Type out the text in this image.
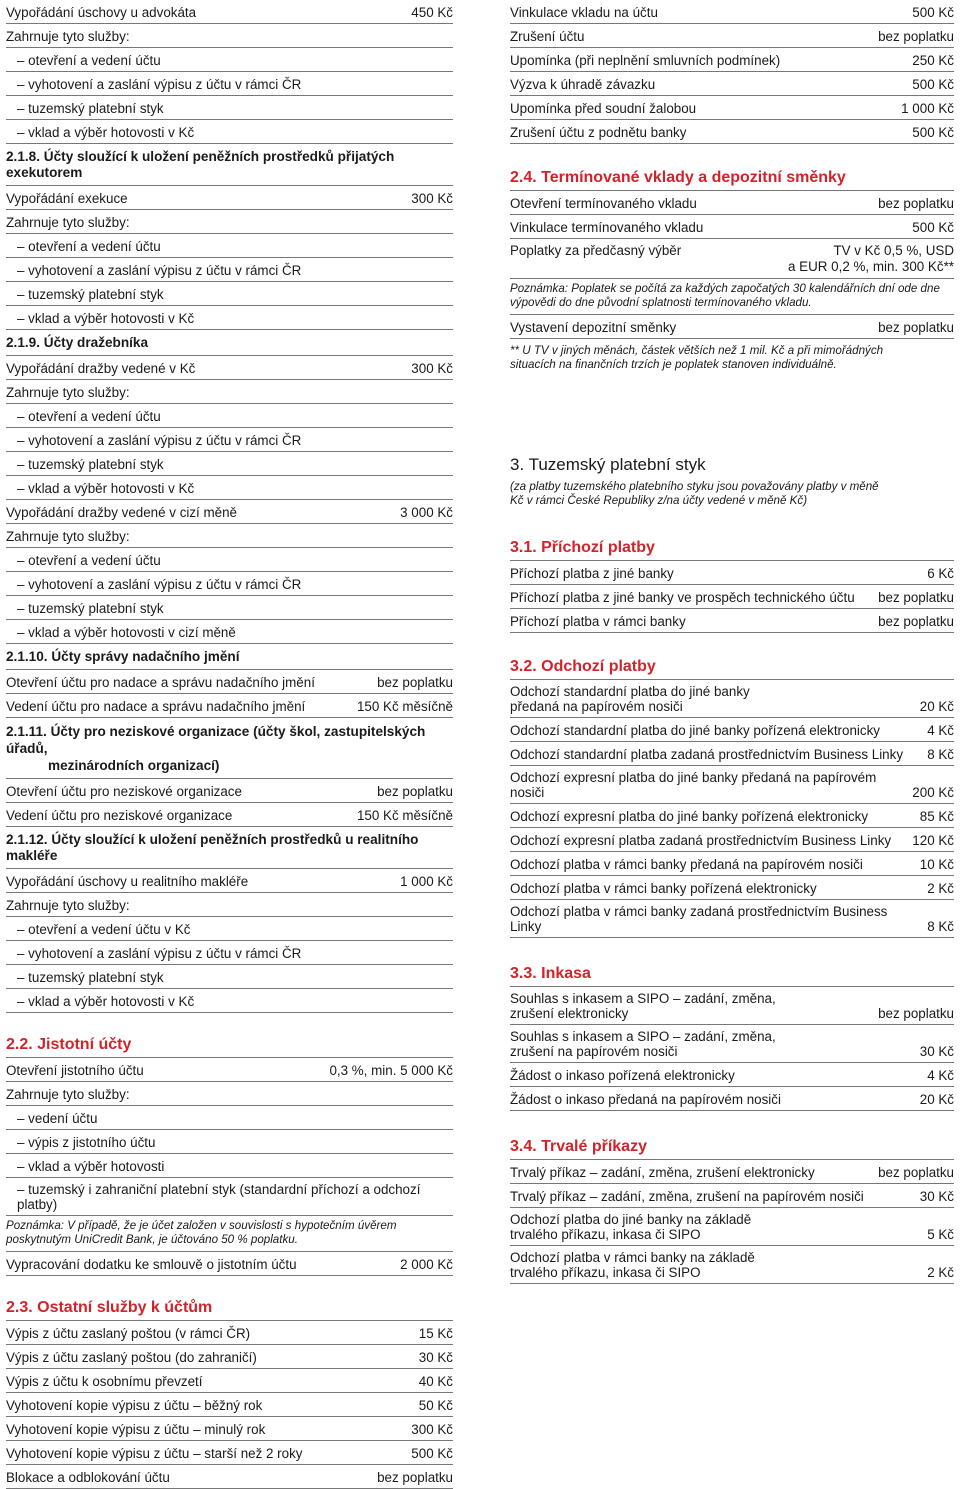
Vypořádání úschovy u advokáta	450 Kč
Zahrnuje tyto služby:
– otevření a vedení účtu
– vyhotovení a zaslání výpisu z účtu v rámci ČR
– tuzemský platební styk
– vklad a výběr hotovosti v Kč
2.1.8. Účty sloužící k uložení peněžních prostředků přijatých exekutorem
Vypořádání exekuce	300 Kč
Zahrnuje tyto služby:
– otevření a vedení účtu
– vyhotovení a zaslání výpisu z účtu v rámci ČR
– tuzemský platební styk
– vklad a výběr hotovosti v Kč
2.1.9. Účty dražebníka
Vypořádání dražby vedené v Kč	300 Kč
Zahrnuje tyto služby:
– otevření a vedení účtu
– vyhotovení a zaslání výpisu z účtu v rámci ČR
– tuzemský platební styk
– vklad a výběr hotovosti v Kč
Vypořádání dražby vedené v cizí měně	3 000 Kč
Zahrnuje tyto služby:
– otevření a vedení účtu
– vyhotovení a zaslání výpisu z účtu v rámci ČR
– tuzemský platební styk
– vklad a výběr hotovosti v cizí měně
2.1.10. Účty správy nadačního jmění
Otevření účtu pro nadace a správu nadačního jmění	bez poplatku
Vedení účtu pro nadace a správu nadačního jmění	150 Kč měsíčně
2.1.11. Účty pro neziskové organizace (účty škol, zastupitelských úřadů,
mezinárodních organizací)
Otevření účtu pro neziskové organizace	bez poplatku
Vedení účtu pro neziskové organizace	150 Kč měsíčně
2.1.12. Účty sloužící k uložení peněžních prostředků u realitního makléře
Vypořádání úschovy u realitního makléře	1 000 Kč
Zahrnuje tyto služby:
– otevření a vedení účtu v Kč
– vyhotovení a zaslání výpisu z účtu v rámci ČR
– tuzemský platební styk
– vklad a výběr hotovosti v Kč
2.2. Jistotní účty
Otevření jistotního účtu	0,3 %, min. 5 000 Kč
Zahrnuje tyto služby:
– vedení účtu
– výpis z jistotního účtu
– vklad a výběr hotovosti
– tuzemský i zahraniční platební styk (standardní příchozí a odchozí platby)
Poznámka: V případě, že je účet založen v souvislosti s hypotečním úvěrem poskytnutým UniCredit Bank, je účtováno 50 % poplatku.
Vypracování dodatku ke smlouvě o jistotním účtu	2 000 Kč
2.3. Ostatní služby k účtům
Výpis z účtu zaslaný poštou (v rámci ČR)	15 Kč
Výpis z účtu zaslaný poštou (do zahraničí)	30 Kč
Výpis z účtu k osobnímu převzetí	40 Kč
Vyhotovení kopie výpisu z účtu – běžný rok	50 Kč
Vyhotovení kopie výpisu z účtu – minulý rok	300 Kč
Vyhotovení kopie výpisu z účtu – starší než 2 roky	500 Kč
Blokace a odblokování účtu	bez poplatku
Vinkulace vkladu na účtu	500 Kč
Zrušení účtu	bez poplatku
Upomínka (při neplnění smluvních podmínek)	250 Kč
Výzva k úhradě závazku	500 Kč
Upomínka před soudní žalobou	1 000 Kč
Zrušení účtu z podnětu banky	500 Kč
2.4. Termínované vklady a depozitní směnky
Otevření termínovaného vkladu	bez poplatku
Vinkulace termínovaného vkladu	500 Kč
Poplatky za předčasný výběr	TV v Kč 0,5 %, USD
a EUR 0,2 %, min. 300 Kč**
Poznámka: Poplatek se počítá za každých započatých 30 kalendářních dní ode dne výpovědi do dne původní splatnosti termínovaného vkladu.
Vystavení depozitní směnky	bez poplatku
** U TV v jiných měnách, částek větších než 1 mil. Kč a při mimořádných situacích na finančních trzích je poplatek stanoven individuálně.
3. Tuzemský platební styk
(za platby tuzemského platebního styku jsou považovány platby v měně Kč v rámci České Republiky z/na účty vedené v měně Kč)
3.1. Příchozí platby
Příchozí platba z jiné banky	6 Kč
Příchozí platba z jiné banky ve prospěch technického účtu	bez poplatku
Příchozí platba v rámci banky	bez poplatku
3.2. Odchozí platby
Odchozí standardní platba do jiné banky
předaná na papírovém nosiči	20 Kč
Odchozí standardní platba do jiné banky pořízená elektronicky	4 Kč
Odchozí standardní platba zadaná prostřednictvím Business Linky	8 Kč
Odchozí expresní platba do jiné banky předaná na papírovém nosiči	200 Kč
Odchozí expresní platba do jiné banky pořízená elektronicky	85 Kč
Odchozí expresní platba zadaná prostřednictvím Business Linky	120 Kč
Odchozí platba v rámci banky předaná na papírovém nosiči	10 Kč
Odchozí platba v rámci banky pořízená elektronicky	2 Kč
Odchozí platba v rámci banky zadaná prostřednictvím Business Linky	8 Kč
3.3. Inkasa
Souhlas s inkasem a SIPO – zadání, změna,
zrušení elektronicky	bez poplatku
Souhlas s inkasem a SIPO – zadání, změna,
zrušení na papírovém nosiči	30 Kč
Žádost o inkaso pořízená elektronicky	4 Kč
Žádost o inkaso předaná na papírovém nosiči	20 Kč
3.4. Trvalé příkazy
Trvalý příkaz – zadání, změna, zrušení elektronicky	bez poplatku
Trvalý příkaz – zadání, změna, zrušení na papírovém nosiči	30 Kč
Odchozí platba do jiné banky na základě
trvalého příkazu, inkasa či SIPO	5 Kč
Odchozí platba v rámci banky na základě
trvalého příkazu, inkasa či SIPO	2 Kč
